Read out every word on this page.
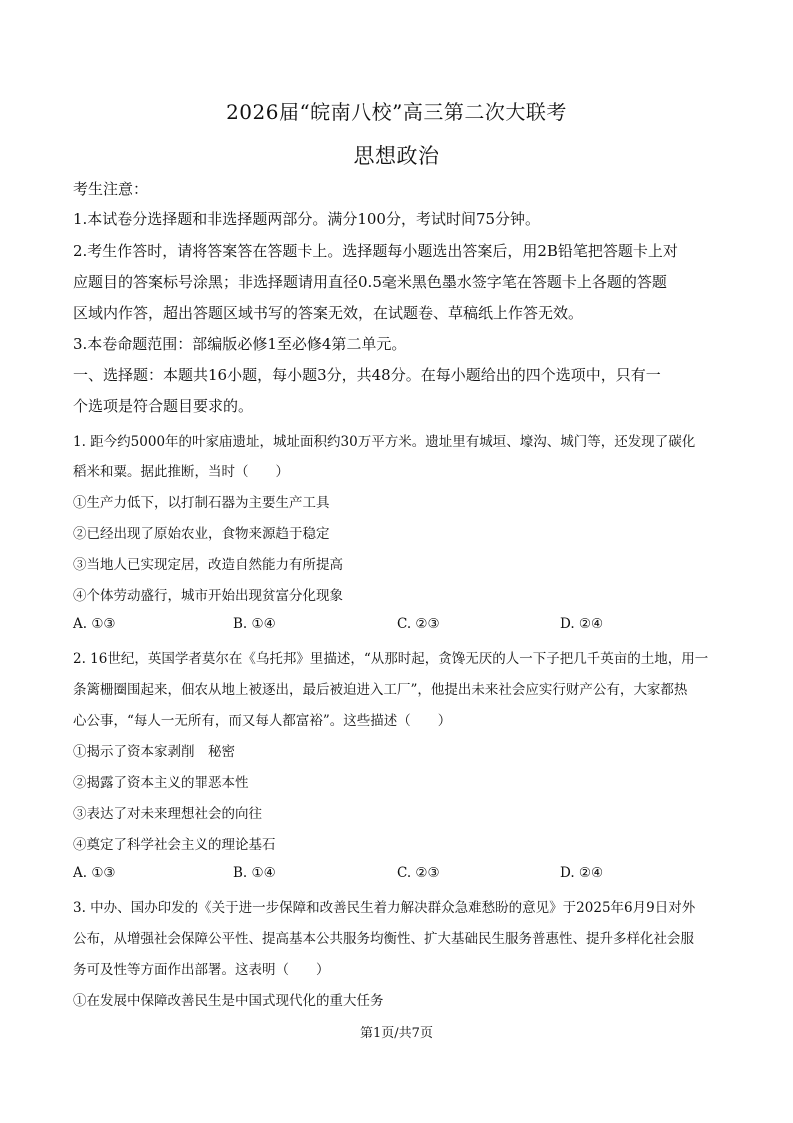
2026届“皖南八校”高三第二次大联考
思想政治
考生注意：
1.本试卷分选择题和非选择题两部分。满分100分，考试时间75分钟。
2.考生作答时，请将答案答在答题卡上。选择题每小题选出答案后，用2B铅笔把答题卡上对
应题目的答案标号涂黑；非选择题请用直径0.5毫米黑色墨水签字笔在答题卡上各题的答题
区域内作答，超出答题区域书写的答案无效，在试题卷、草稿纸上作答无效。
3.本卷命题范围：部编版必修1至必修4第二单元。
一、选择题：本题共16小题，每小题3分，共48分。在每小题给出的四个选项中，只有一
个选项是符合题目要求的。
1. 距今约5000年的叶家庙遗址，城址面积约30万平方米。遗址里有城垣、壕沟、城门等，还发现了碳化
稻米和粟。据此推断，当时（　　）
①生产力低下，以打制石器为主要生产工具
②已经出现了原始农业，食物来源趋于稳定
③当地人已实现定居，改造自然能力有所提高
④个体劳动盛行，城市开始出现贫富分化现象
A. ①③	B. ①④	C. ②③	D. ②④
2. 16世纪，英国学者莫尔在《乌托邦》里描述，“从那时起，贪馋无厌的人一下子把几千英亩的土地，用一
条篱栅圈围起来，佃农从地上被逐出，最后被迫进入工厂”，他提出未来社会应实行财产公有，大家都热
心公事，“每人一无所有，而又每人都富裕”。这些描述（　　）
①揭示了资本家剥削　秘密
②揭露了资本主义的罪恶本性
③表达了对未来理想社会的向往
④奠定了科学社会主义的理论基石
A. ①③	B. ①④	C. ②③	D. ②④
3. 中办、国办印发的《关于进一步保障和改善民生着力解决群众急难愁盼的意见》于2025年6月9日对外
公布，从增强社会保障公平性、提高基本公共服务均衡性、扩大基础民生服务普惠性、提升多样化社会服
务可及性等方面作出部署。这表明（　　）
①在发展中保障改善民生是中国式现代化的重大任务
第1页/共7页
